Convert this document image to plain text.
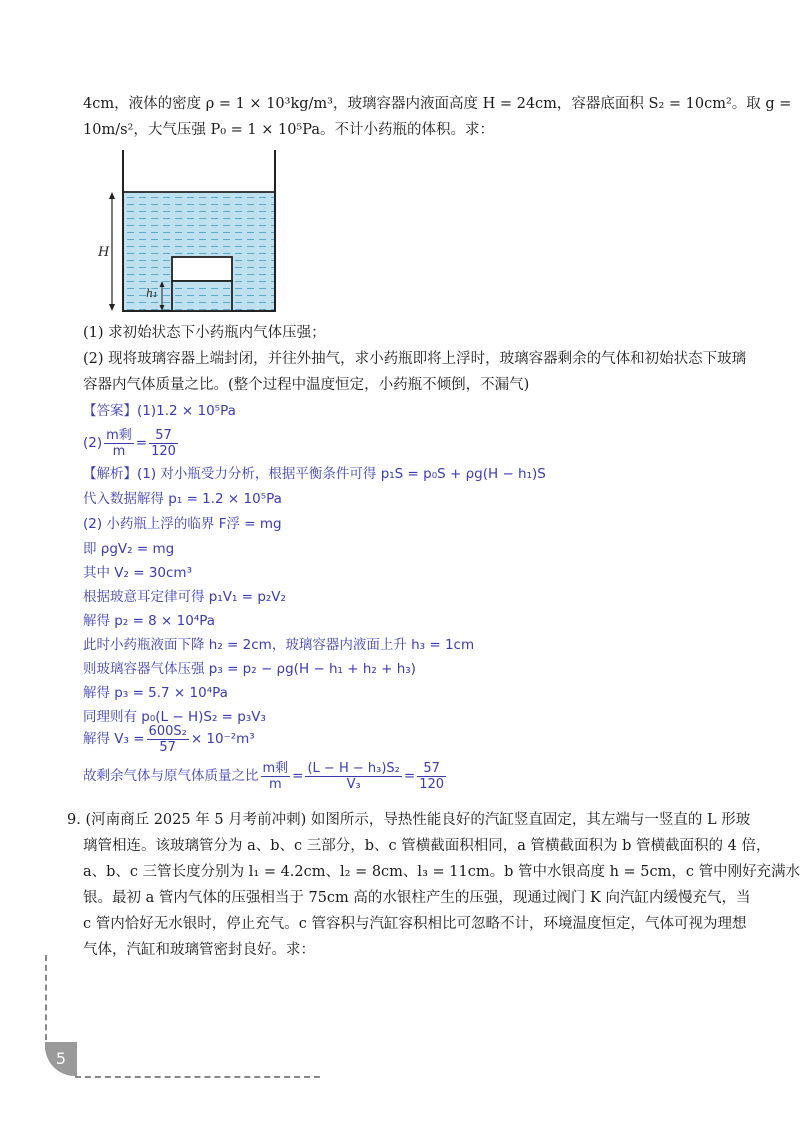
4cm，液体的密度 ρ = 1 × 10³kg/m³，玻璃容器内液面高度 H = 24cm，容器底面积 S₂ = 10cm²。取 g =
10m/s²，大气压强 P₀ = 1 × 10⁵Pa。不计小药瓶的体积。求：
H
h₁
(1) 求初始状态下小药瓶内气体压强；
(2) 现将玻璃容器上端封闭，并往外抽气，求小药瓶即将上浮时，玻璃容器剩余的气体和初始状态下玻璃
容器内气体质量之比。(整个过程中温度恒定，小药瓶不倾倒，不漏气)
【答案】(1)1.2 × 10⁵Pa
$(2) \frac{\text{m剩}}{m} = \frac{57}{120}$
【解析】(1) 对小瓶受力分析，根据平衡条件可得 p₁S = p₀S + ρg(H − h₁)S
代入数据解得 p₁ = 1.2 × 10⁵Pa
(2) 小药瓶上浮的临界 F浮 = mg
即 ρgV₂ = mg
其中 V₂ = 30cm³
根据玻意耳定律可得 p₁V₁ = p₂V₂
解得 p₂ = 8 × 10⁴Pa
此时小药瓶液面下降 h₂ = 2cm，玻璃容器内液面上升 h₃ = 1cm
则玻璃容器气体压强 p₃ = p₂ − ρg(H − h₁ + h₂ + h₃)
解得 p₃ = 5.7 × 10⁴Pa
同理则有 p₀(L − H)S₂ = p₃V₃
解得 $V_3 = \frac{\text{600S₂}}{57} \times 10^{-2}m^3$
故剩余气体与原气体质量之比 $\frac{\text{m剩}}{m} = \frac{\text{(L − H − h₃)S₂}}{\text{V₃}} = \frac{57}{120}$
9. (河南商丘 2025 年 5 月考前冲刺) 如图所示，导热性能良好的汽缸竖直固定，其左端与一竖直的 L 形玻
璃管相连。该玻璃管分为 a、b、c 三部分，b、c 管横截面积相同，a 管横截面积为 b 管横截面积的 4 倍，
a、b、c 三管长度分别为 l₁ = 4.2cm、l₂ = 8cm、l₃ = 11cm。b 管中水银高度 h = 5cm，c 管中刚好充满水
银。最初 a 管内气体的压强相当于 75cm 高的水银柱产生的压强，现通过阀门 K 向汽缸内缓慢充气，当
c 管内恰好无水银时，停止充气。c 管容积与汽缸容积相比可忽略不计，环境温度恒定，气体可视为理想
气体，汽缸和玻璃管密封良好。求：
5
